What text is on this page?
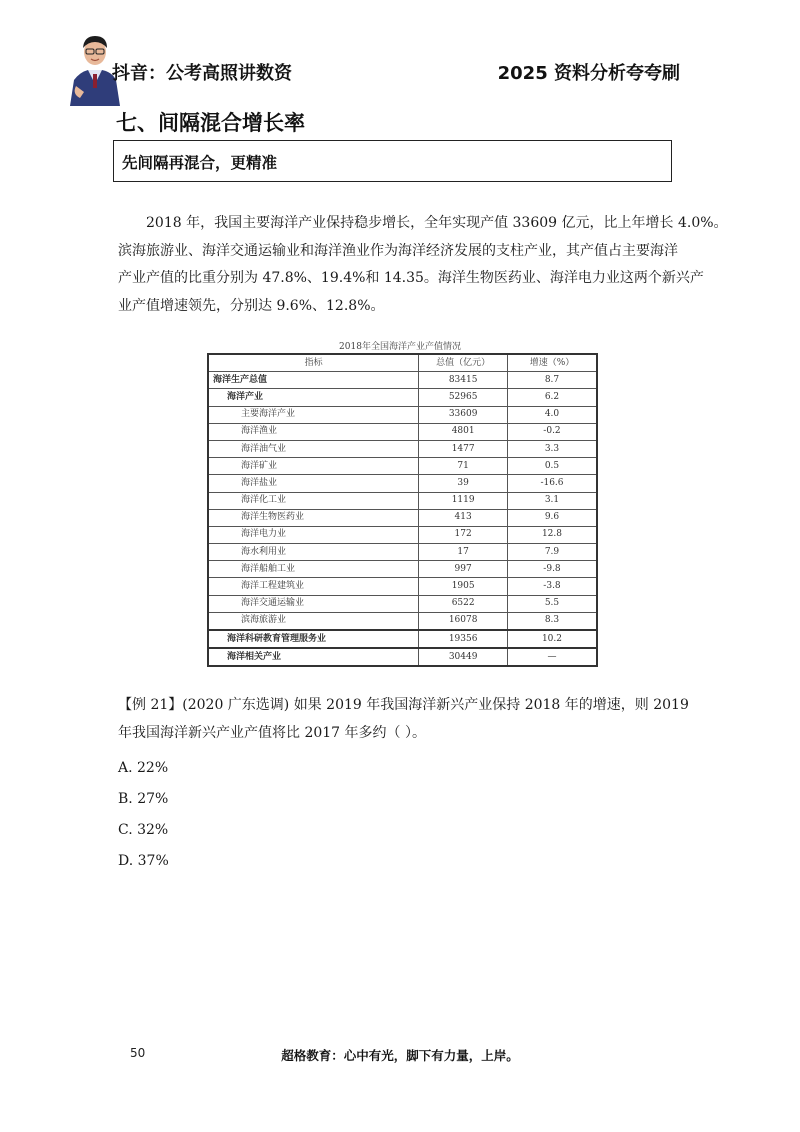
抖音：公考高照讲数资	2025 资料分析夸夸刷
七、间隔混合增长率
先间隔再混合，更精准

2018 年，我国主要海洋产业保持稳步增长，全年实现产值 33609 亿元，比上年增长 4.0%。
滨海旅游业、海洋交通运输业和海洋渔业作为海洋经济发展的支柱产业，其产值占主要海洋
产业产值的比重分别为 47.8%、19.4%和 14.35。海洋生物医药业、海洋电力业这两个新兴产
业产值增速领先，分别达 9.6%、12.8%。

2018年全国海洋产业产值情况
指标	总值（亿元）	增速（%）
海洋生产总值	83415	8.7
海洋产业	52965	6.2
主要海洋产业	33609	4.0
海洋渔业	4801	-0.2
海洋油气业	1477	3.3
海洋矿业	71	0.5
海洋盐业	39	-16.6
海洋化工业	1119	3.1
海洋生物医药业	413	9.6
海洋电力业	172	12.8
海水利用业	17	7.9
海洋船舶工业	997	-9.8
海洋工程建筑业	1905	-3.8
海洋交通运输业	6522	5.5
滨海旅游业	16078	8.3
海洋科研教育管理服务业	19356	10.2
海洋相关产业	30449	—
【例 21】(2020 广东选调) 如果 2019 年我国海洋新兴产业保持 2018 年的增速，则 2019
年我国海洋新兴产业产值将比 2017 年多约（ ）。
A. 22%
B. 27%
C. 32%
D. 37%
50	超格教育：心中有光，脚下有力量，上岸。
